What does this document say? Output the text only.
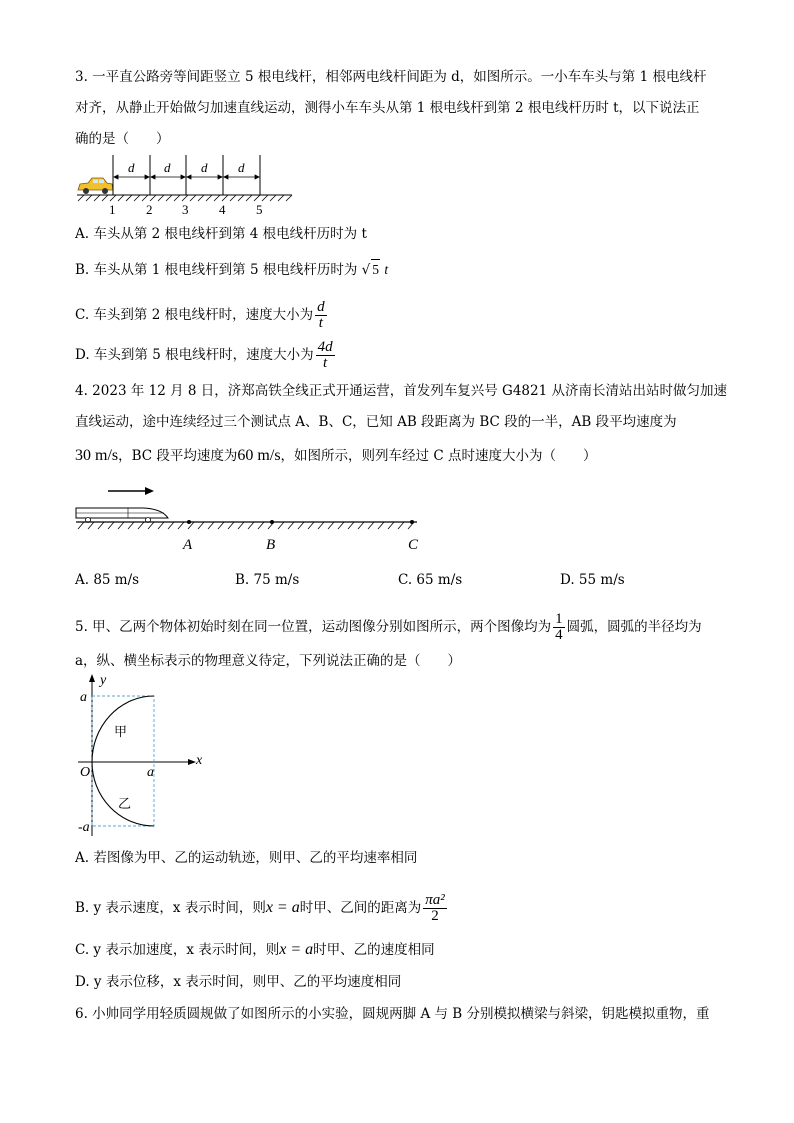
3. 一平直公路旁等间距竖立 5 根电线杆，相邻两电线杆间距为 d，如图所示。一小车车头与第 1 根电线杆
对齐，从静止开始做匀加速直线运动，测得小车车头从第 1 根电线杆到第 2 根电线杆历时 t，以下说法正
确的是（　　）
d d d d
1 2 3 4 5
A. 车头从第 2 根电线杆到第 4 根电线杆历时为 t
B. 车头从第 1 根电线杆到第 5 根电线杆历时为 √ 5 t
C. 车头到第 2 根电线杆时，速度大小为 $\frac{d}{t}$
D. 车头到第 5 根电线杆时，速度大小为 $\frac{4d}{t}$
4. 2023 年 12 月 8 日，济郑高铁全线正式开通运营，首发列车复兴号 G4821 从济南长清站出站时做匀加速
直线运动，途中连续经过三个测试点 A、B、C，已知 AB 段距离为 BC 段的一半，AB 段平均速度为
30 m/s，BC 段平均速度为60 m/s，如图所示，则列车经过 C 点时速度大小为（　　）
A	B	C
A. 85 m/s	B. 75 m/s	C. 65 m/s	D. 55 m/s
5. 甲、乙两个物体初始时刻在同一位置，运动图像分别如图所示，两个图像均为 $\frac{1}{4}$ 圆弧，圆弧的半径均为
a，纵、横坐标表示的物理意义待定，下列说法正确的是（　　）
y
x
O
a
a
-a
甲
乙
A. 若图像为甲、乙的运动轨迹，则甲、乙的平均速率相同
B. y 表示速度，x 表示时间，则x = a时甲、乙间的距离为 $\frac{\text{πa²}}{2}$
C. y 表示加速度，x 表示时间，则x = a时甲、乙的速度相同
D. y 表示位移，x 表示时间，则甲、乙的平均速度相同
6. 小帅同学用轻质圆规做了如图所示的小实验，圆规两脚 A 与 B 分别模拟横梁与斜梁，钥匙模拟重物，重
